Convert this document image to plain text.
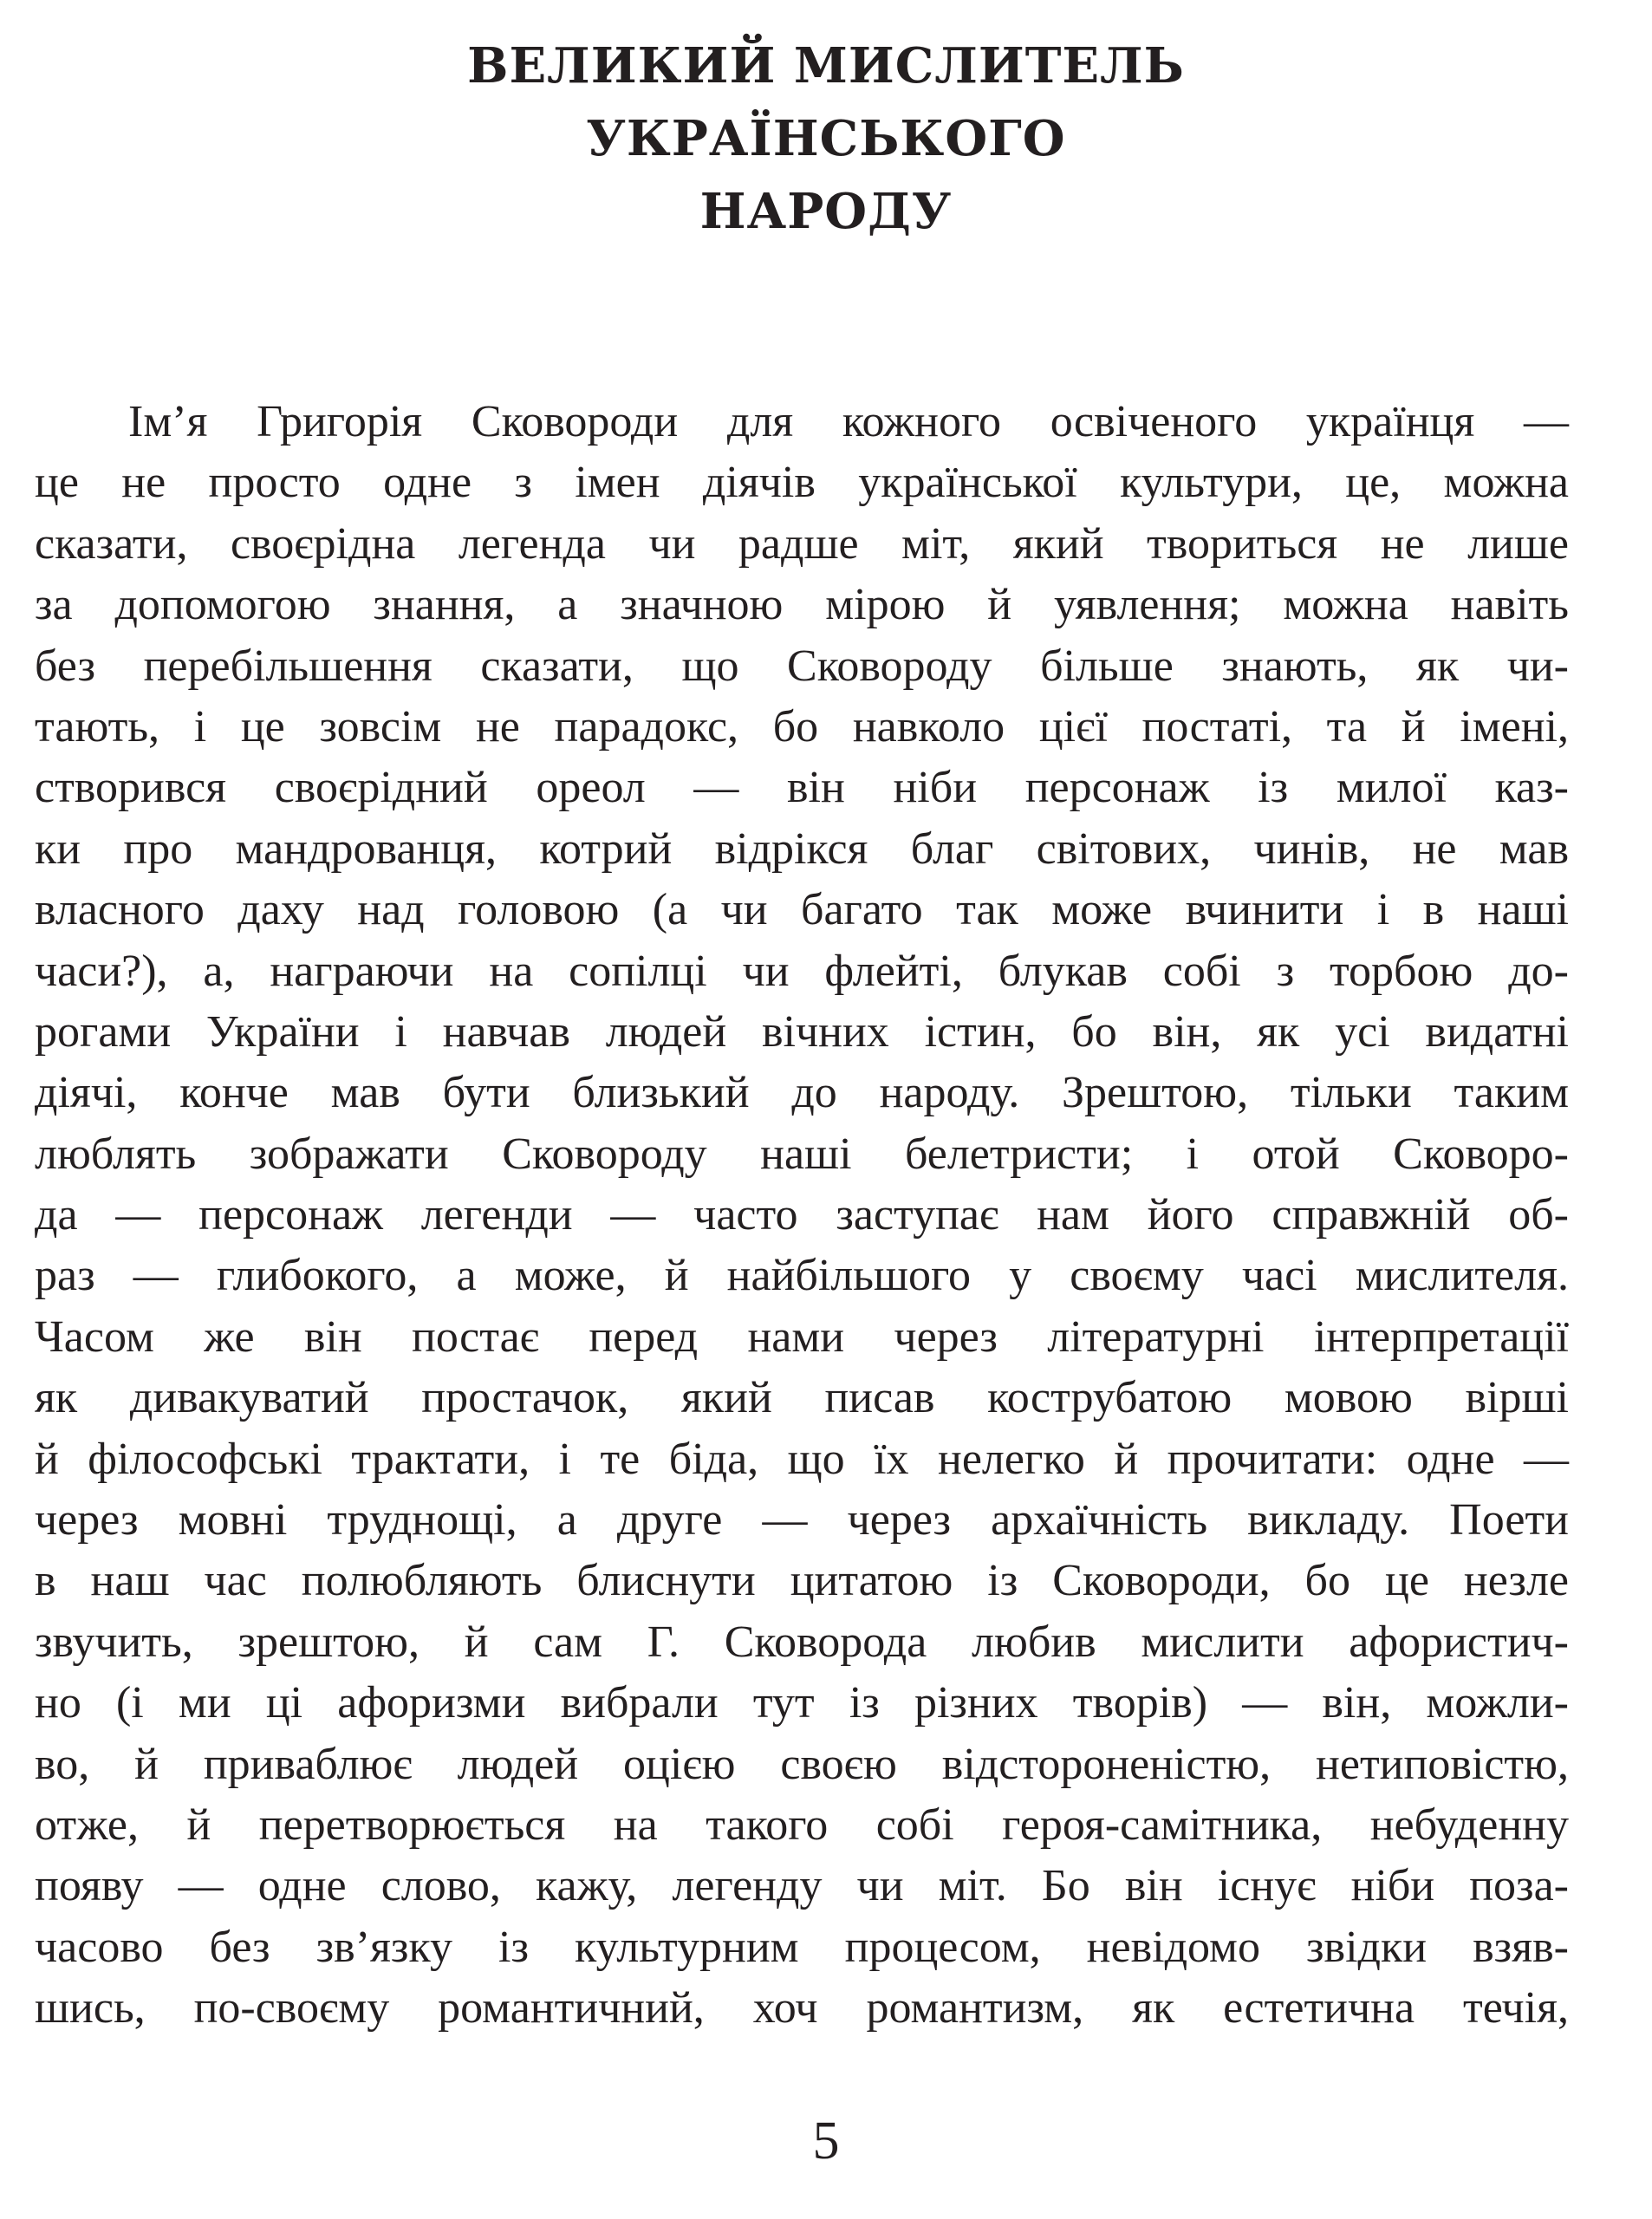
ВЕЛИКИЙ МИСЛИТЕЛЬ
УКРАЇНСЬКОГО
НАРОДУ
Ім’я Григорія Сковороди для кожного освіченого українця —
це не просто одне з імен діячів української культури, це, можна
сказати, своєрідна легенда чи радше міт, який твориться не лише
за допомогою знання, а значною мірою й уявлення; можна навіть
без перебільшення сказати, що Сковороду більше знають, як чи-
тають, і це зовсім не парадокс, бо навколо цієї постаті, та й імені,
створився своєрідний ореол — він ніби персонаж із милої каз-
ки про мандрованця, котрий відрікся благ світових, чинів, не мав
власного даху над головою (а чи багато так може вчинити і в наші
часи?), а, награючи на сопілці чи флейті, блукав собі з торбою до-
рогами України і навчав людей вічних істин, бо він, як усі видатні
діячі, конче мав бути близький до народу. Зрештою, тільки таким
люблять зображати Сковороду наші белетристи; і отой Сковоро-
да — персонаж легенди — часто заступає нам його справжній об-
раз — глибокого, а може, й найбільшого у своєму часі мислителя.
Часом же він постає перед нами через літературні інтерпретації
як дивакуватий простачок, який писав кострубатою мовою вірші
й філософські трактати, і те біда, що їх нелегко й прочитати: одне —
через мовні труднощі, а друге — через архаїчність викладу. Поети
в наш час полюбляють блиснути цитатою із Сковороди, бо це незле
звучить, зрештою, й сам Г. Сковорода любив мислити афористич-
но (і ми ці афоризми вибрали тут із різних творів) — він, можли-
во, й приваблює людей оцією своєю відстороненістю, нетиповістю,
отже, й перетворюється на такого собі героя-самітника, небуденну
появу — одне слово, кажу, легенду чи міт. Бо він існує ніби поза-
часово без зв’язку із культурним процесом, невідомо звідки взяв-
шись, по-своєму романтичний, хоч романтизм, як естетична течія,
5
